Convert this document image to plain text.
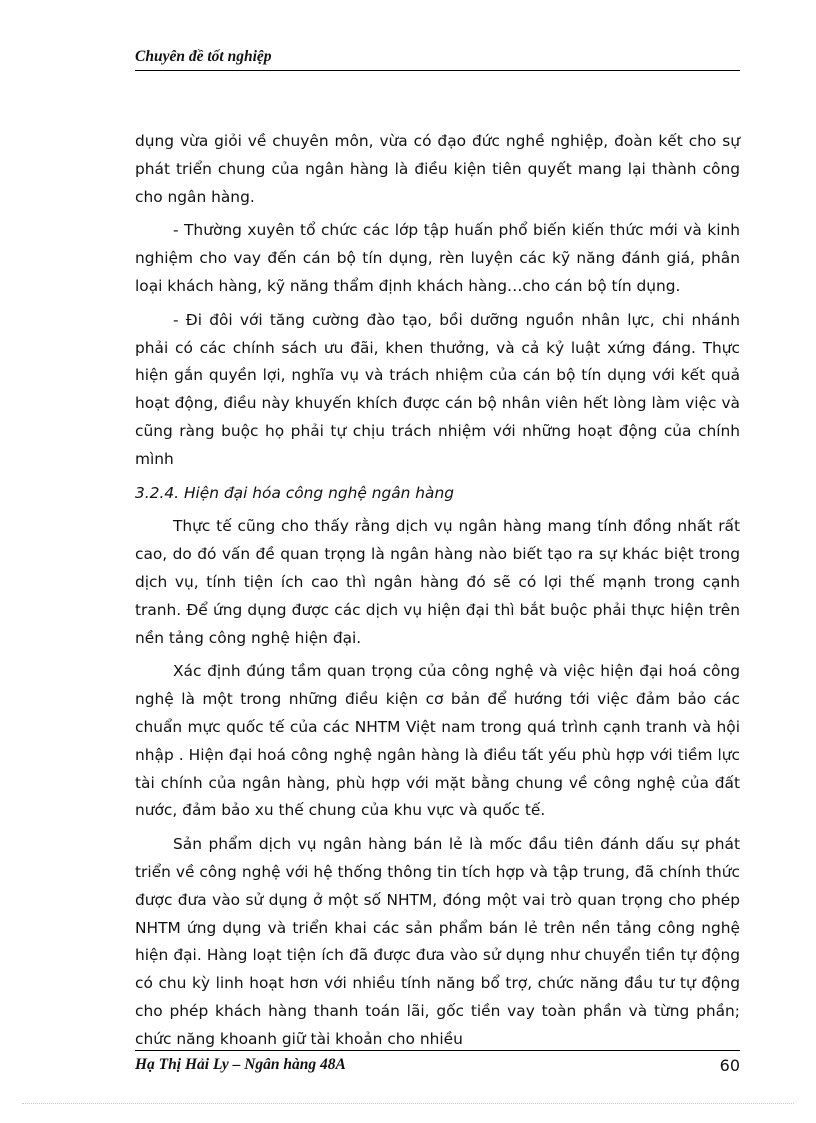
Chuyên đề tốt nghiệp

dụng vừa giỏi về chuyên môn, vừa có đạo đức nghề nghiệp, đoàn kết cho sự phát triển chung của ngân hàng là điều kiện tiên quyết mang lại thành công cho ngân hàng.

- Thường xuyên tổ chức các lớp tập huấn phổ biến kiến thức mới và kinh nghiệm cho vay đến cán bộ tín dụng, rèn luyện các kỹ năng đánh giá, phân loại khách hàng, kỹ năng thẩm định khách hàng…cho cán bộ tín dụng.

- Đi đôi với tăng cường đào tạo, bồi dưỡng nguồn nhân lực, chi nhánh phải có các chính sách ưu đãi, khen thưởng, và cả kỷ luật xứng đáng. Thực hiện gắn quyền lợi, nghĩa vụ và trách nhiệm của cán bộ tín dụng với kết quả hoạt động, điều này khuyến khích được cán bộ nhân viên hết lòng làm việc và cũng ràng buộc họ phải tự chịu trách nhiệm với những hoạt động của chính mình

3.2.4. Hiện đại hóa công nghệ ngân hàng

Thực tế cũng cho thấy rằng dịch vụ ngân hàng mang tính đồng nhất rất cao, do đó vấn đề quan trọng là ngân hàng nào biết tạo ra sự khác biệt trong dịch vụ, tính tiện ích cao thì ngân hàng đó sẽ có lợi thế mạnh trong cạnh tranh. Để ứng dụng được các dịch vụ hiện đại thì bắt buộc phải thực hiện trên nền tảng công nghệ hiện đại.

Xác định đúng tầm quan trọng của công nghệ và việc hiện đại hoá công nghệ là một trong những điều kiện cơ bản để hướng tới việc đảm bảo các chuẩn mực quốc tế của các NHTM Việt nam trong quá trình cạnh tranh và hội nhập . Hiện đại hoá công nghệ ngân hàng là điều tất yếu phù hợp với tiềm lực tài chính của ngân hàng, phù hợp với mặt bằng chung về công nghệ của đất nước, đảm bảo xu thế chung của khu vực và quốc tế.

Sản phẩm dịch vụ ngân hàng bán lẻ là mốc đầu tiên đánh dấu sự phát triển về công nghệ với hệ thống thông tin tích hợp và tập trung, đã chính thức được đưa vào sử dụng ở một số NHTM, đóng một vai trò quan trọng cho phép NHTM ứng dụng và triển khai các sản phẩm bán lẻ trên nền tảng công nghệ hiện đại. Hàng loạt tiện ích đã được đưa vào sử dụng như chuyển tiền tự động có chu kỳ linh hoạt hơn với nhiều tính năng bổ trợ, chức năng đầu tư tự động cho phép khách hàng thanh toán lãi, gốc tiền vay toàn phần và từng phần; chức năng khoanh giữ tài khoản cho nhiều

Hạ Thị Hải Ly – Ngân hàng 48A	60
